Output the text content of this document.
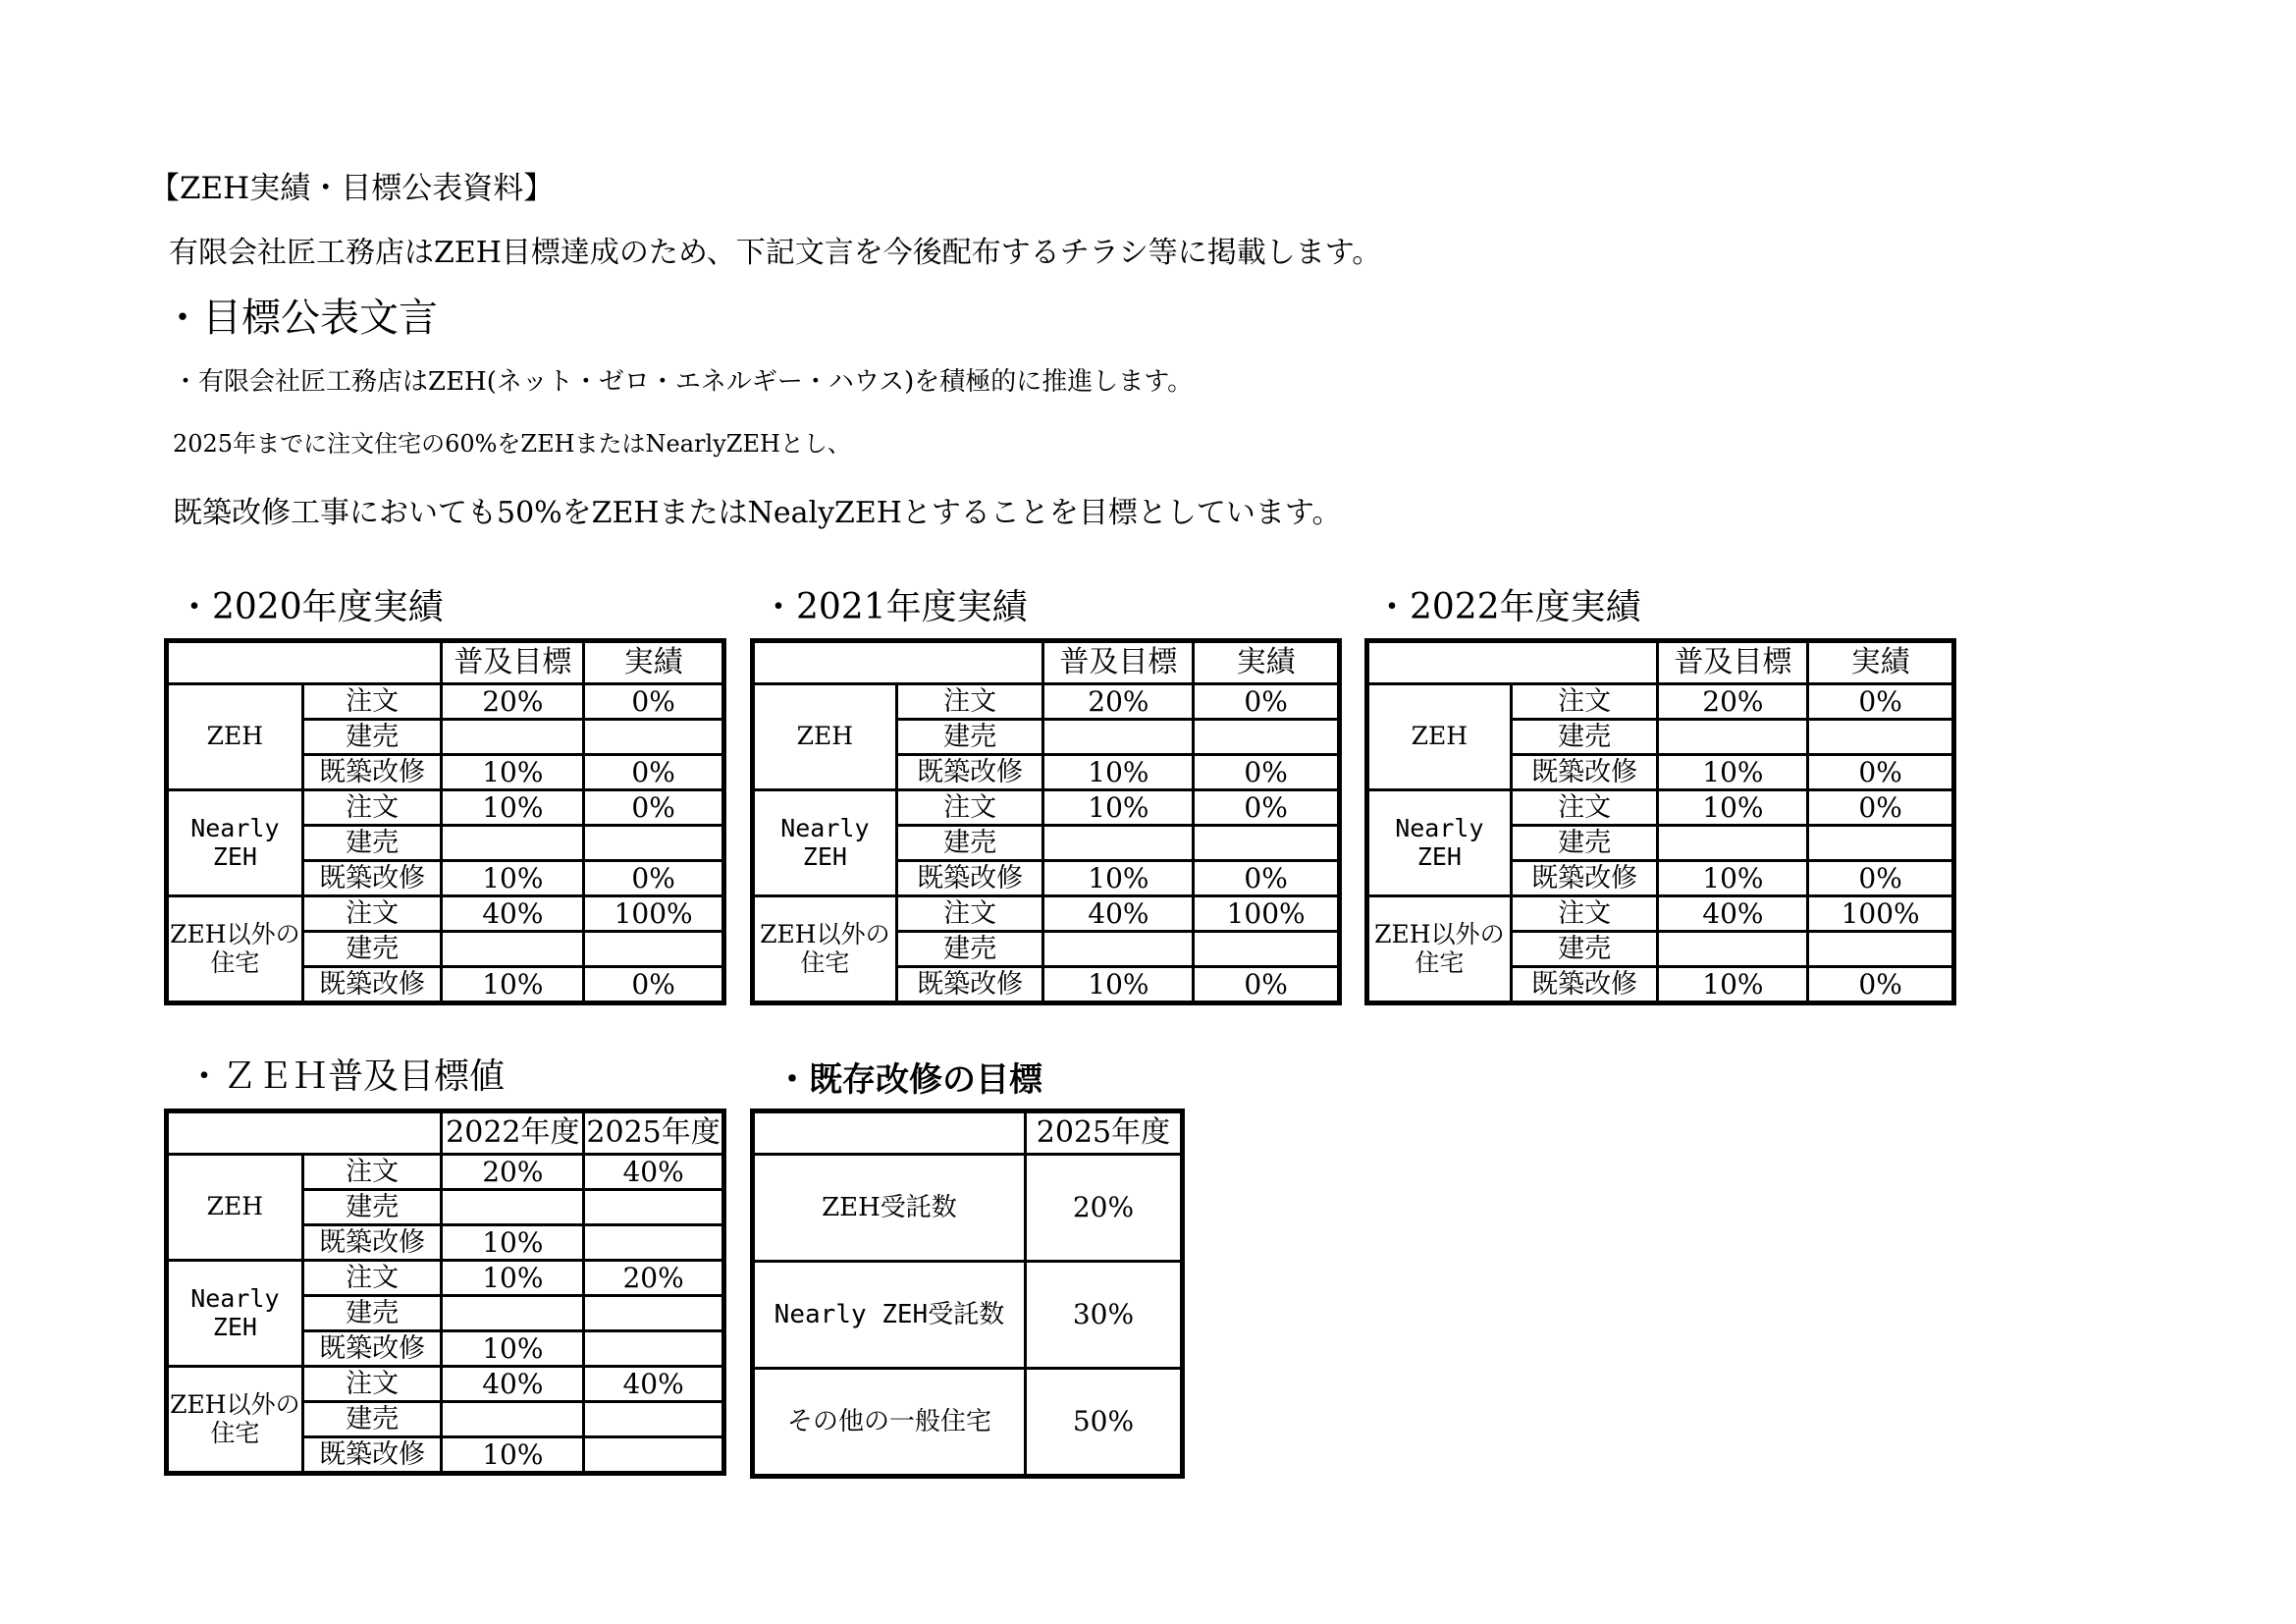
【ZEH実績・目標公表資料】
有限会社匠工務店はZEH目標達成のため、下記文言を今後配布するチラシ等に掲載します。
・目標公表文言
・有限会社匠工務店はZEH(ネット・ゼロ・エネルギー・ハウス)を積極的に推進します。
2025年までに注文住宅の60%をZEHまたはNearlyZEHとし、
既築改修工事においても50%をZEHまたはNealyZEHとすることを目標としています。
・2020年度実績	・2021年度実績	・2022年度実績
・ＺＥＨ普及目標値	・既存改修の目標
		普及目標	実績
ZEH	注文	20%	0%
	建売		
	既築改修	10%	0%
Nearly ZEH	注文	10%	0%
	建売		
	既築改修	10%	0%
ZEH以外の
住宅	注文	40%	100%
	建売		
	既築改修	10%	0%
		普及目標	実績
ZEH	注文	20%	0%
	建売		
	既築改修	10%	0%
Nearly ZEH	注文	10%	0%
	建売		
	既築改修	10%	0%
ZEH以外の
住宅	注文	40%	100%
	建売		
	既築改修	10%	0%
		普及目標	実績
ZEH	注文	20%	0%
	建売		
	既築改修	10%	0%
Nearly ZEH	注文	10%	0%
	建売		
	既築改修	10%	0%
ZEH以外の
住宅	注文	40%	100%
	建売		
	既築改修	10%	0%
		2022年度	2025年度
ZEH	注文	20%	40%
	建売		
	既築改修	10%	
Nearly ZEH	注文	10%	20%
	建売		
	既築改修	10%	
ZEH以外の
住宅	注文	40%	40%
	建売		
	既築改修	10%	
	2025年度
ZEH受託数	20%
Nearly ZEH受託数	30%
その他の一般住宅	50%
